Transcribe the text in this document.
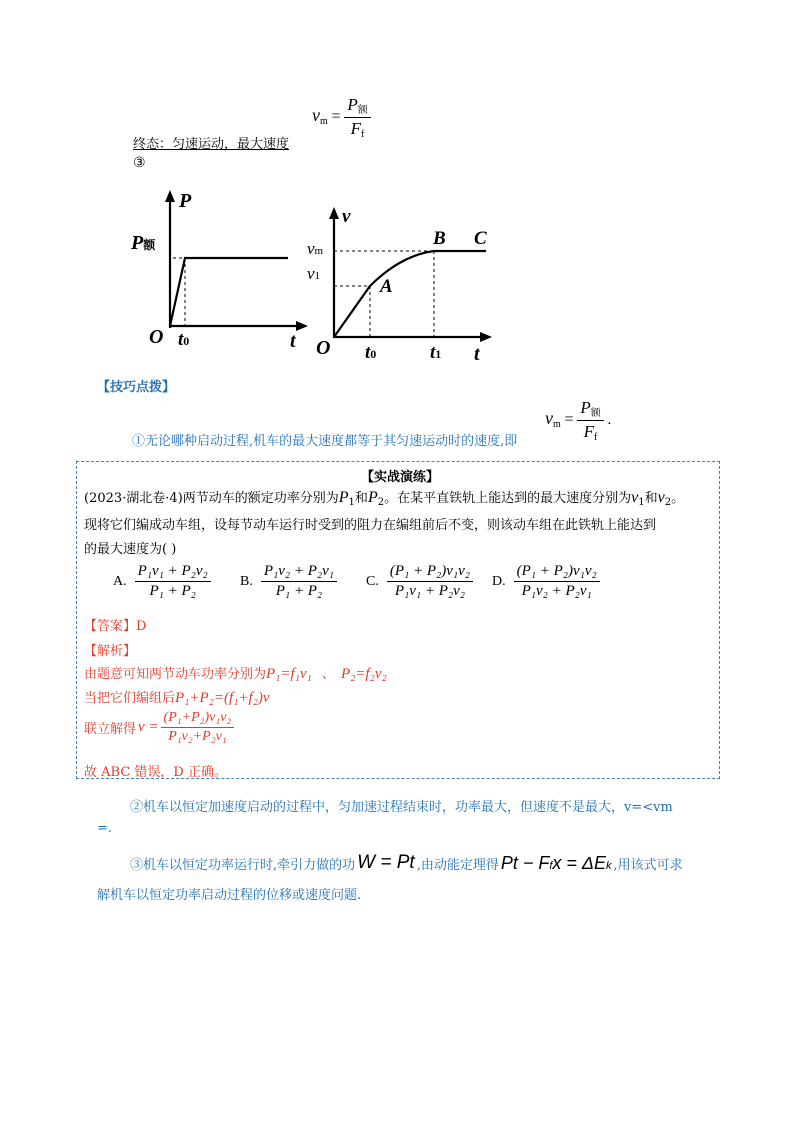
$v_m = \frac{P_额}{F_f}$
终态：匀速运动，最大速度
③
P
P额
O t0	t
v
vm
v1	A
B C
O t0	t1 t
【技巧点拨】
$v_m = \frac{P_额}{F_f}$ .
①无论哪种启动过程,机车的最大速度都等于其匀速运动时的速度,即
【实战演练】
(2023·湖北卷·4)两节动车的额定功率分别为$P_1$和$P_2$。在某平直铁轨上能达到的最大速度分别为$v_1$和$v_2$。
现将它们编成动车组，设每节动车运行时受到的阻力在编组前后不变，则该动车组在此铁轨上能达到
的最大速度为( )
A. $\frac{\text{P₁v₁ + P₂v₂}}{\text{P₁ + P₂}} B$. $\frac{\text{P₁v₂ + P₂v₁}}{\text{P₁ + P₂}} C$. $\frac{\text{(P₁ + P₂)v₁v₂}}{\text{P₁v₁ + P₂v₂}} D$. $\frac{\text{(P₁ + P₂)v₁v₂}}{\text{P₁v₂ + P₂v₁}}$
【答案】D
【解析】
由题意可知两节动车功率分别为P₁=f₁v₁ 、 P₂=f₂v₂
当把它们编组后P₁+P₂=(f₁+f₂)v
联立解得 $v = \frac{\text{(P₁+P₂)v₁v₂}}{\text{P₁v₂+P₂v₁}}$
故 ABC 错误，D 正确。
②机车以恒定加速度启动的过程中，匀加速过程结束时，功率最大，但速度不是最大，v=<vm
=.
③机车以恒定功率运行时,牵引力做的功 W = Pt ,由动能定理得 Pt − Ffx = ΔEk ,用该式可求
解机车以恒定功率启动过程的位移或速度问题.
